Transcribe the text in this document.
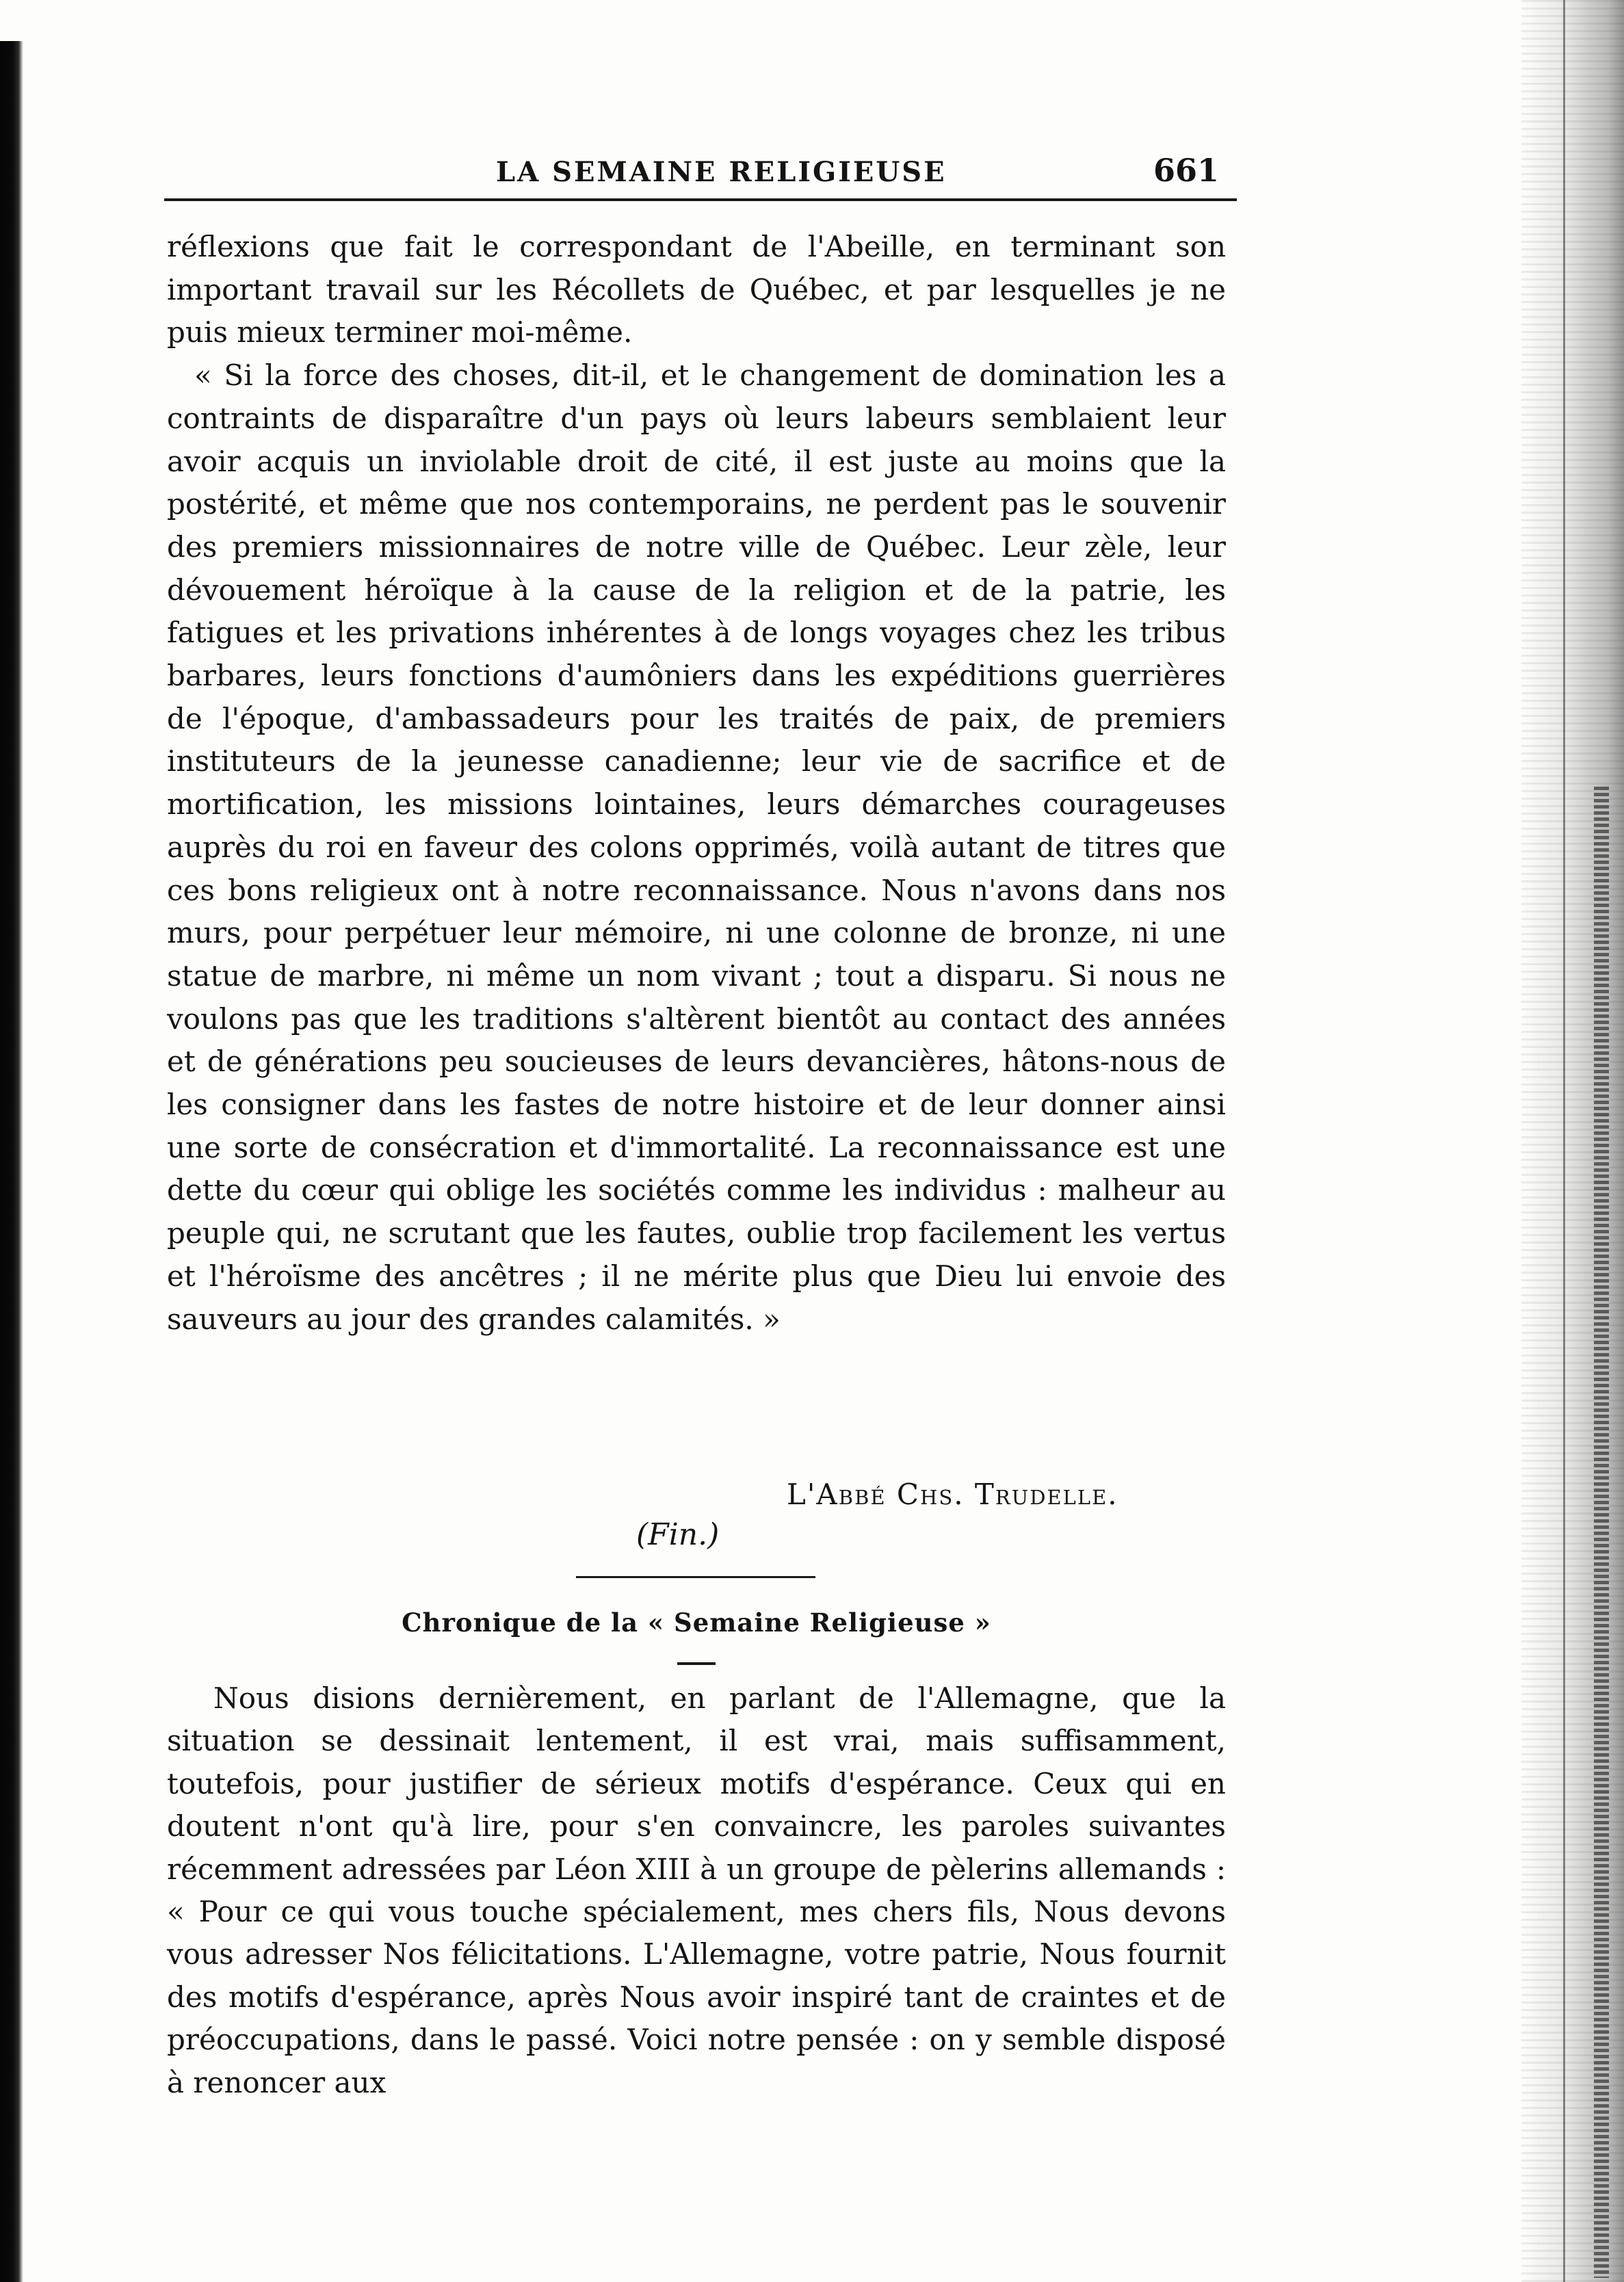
LA SEMAINE RELIGIEUSE	661

réflexions que fait le correspondant de l'Abeille, en terminant son important travail sur les Récollets de Québec, et par lesquelles je ne puis mieux terminer moi-même.

« Si la force des choses, dit-il, et le changement de domination les a contraints de disparaître d'un pays où leurs labeurs semblaient leur avoir acquis un inviolable droit de cité, il est juste au moins que la postérité, et même que nos contemporains, ne perdent pas le souvenir des premiers missionnaires de notre ville de Québec. Leur zèle, leur dévouement héroïque à la cause de la religion et de la patrie, les fatigues et les privations inhérentes à de longs voyages chez les tribus barbares, leurs fonctions d'aumôniers dans les expéditions guerrières de l'époque, d'ambassadeurs pour les traités de paix, de premiers instituteurs de la jeunesse canadienne; leur vie de sacrifice et de mortification, les missions lointaines, leurs démarches courageuses auprès du roi en faveur des colons opprimés, voilà autant de titres que ces bons religieux ont à notre reconnaissance. Nous n'avons dans nos murs, pour perpétuer leur mémoire, ni une colonne de bronze, ni une statue de marbre, ni même un nom vivant ; tout a disparu. Si nous ne voulons pas que les traditions s'altèrent bientôt au contact des années et de générations peu soucieuses de leurs devancières, hâtons-nous de les consigner dans les fastes de notre histoire et de leur donner ainsi une sorte de consécration et d'immortalité. La reconnaissance est une dette du cœur qui oblige les sociétés comme les individus : malheur au peuple qui, ne scrutant que les fautes, oublie trop facilement les vertus et l'héroïsme des ancêtres ; il ne mérite plus que Dieu lui envoie des sauveurs au jour des grandes calamités. »

L'Abbé Chs. Trudelle.
(Fin.)
Chronique de la « Semaine Religieuse »

Nous disions dernièrement, en parlant de l'Allemagne, que la situation se dessinait lentement, il est vrai, mais suffisamment, toutefois, pour justifier de sérieux motifs d'espérance. Ceux qui en doutent n'ont qu'à lire, pour s'en convaincre, les paroles suivantes récemment adressées par Léon XIII à un groupe de pèlerins allemands : « Pour ce qui vous touche spécialement, mes chers fils, Nous devons vous adresser Nos félicitations. L'Allemagne, votre patrie, Nous fournit des motifs d'espérance, après Nous avoir inspiré tant de craintes et de préoccupations, dans le passé. Voici notre pensée : on y semble disposé à renoncer aux
